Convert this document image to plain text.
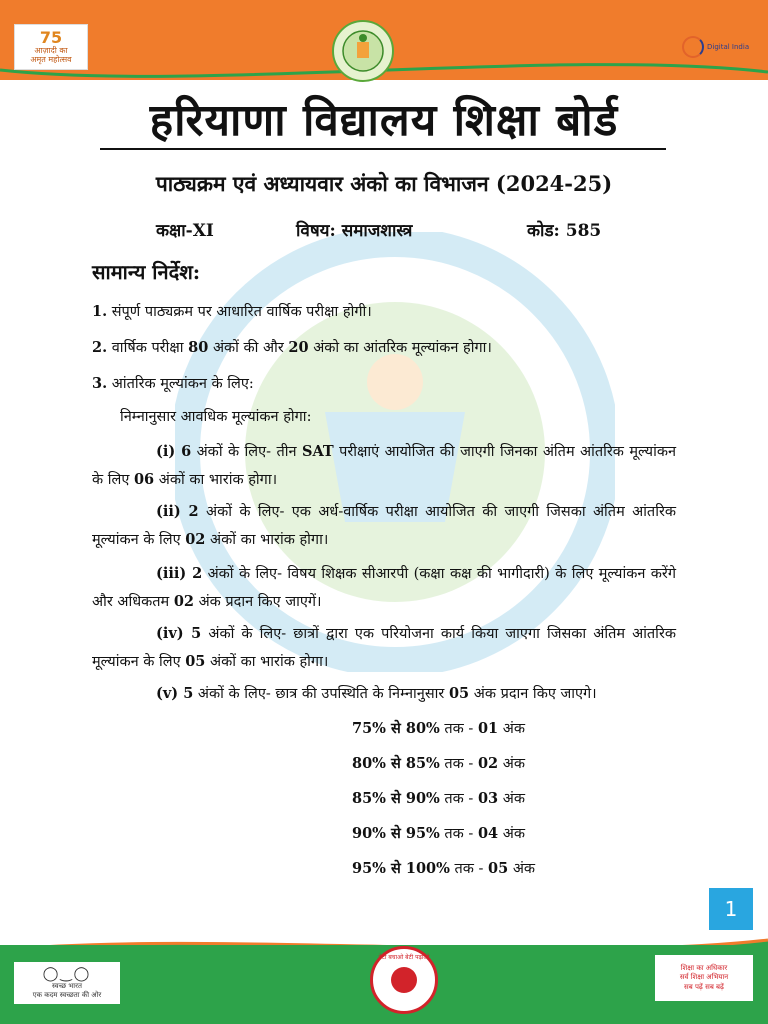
75
आज़ादी का
अमृत महोत्सव
Digital India
हरियाणा विद्यालय शिक्षा बोर्ड
पाठ्यक्रम एवं अध्यायवार अंको का विभाजन (2024-25)
कक्षा-XI	विषय: समाजशास्त्र	कोड: 585
सामान्य निर्देश:

1. संपूर्ण पाठ्यक्रम पर आधारित वार्षिक परीक्षा होगी।

2. वार्षिक परीक्षा 80 अंकों की और 20 अंको का आंतरिक मूल्यांकन होगा।

3. आंतरिक मूल्यांकन के लिए:

निम्नानुसार आवधिक मूल्यांकन होगा:

(i) 6 अंकों के लिए- तीन SAT परीक्षाएं आयोजित की जाएगी जिनका अंतिम आंतरिक मूल्यांकन के लिए 06 अंकों का भारांक होगा।

(ii) 2 अंकों के लिए- एक अर्ध-वार्षिक परीक्षा आयोजित की जाएगी जिसका अंतिम आंतरिक मूल्यांकन के लिए 02 अंकों का भारांक होगा।

(iii) 2 अंकों के लिए- विषय शिक्षक सीआरपी (कक्षा कक्ष की भागीदारी) के लिए मूल्यांकन करेंगे और अधिकतम 02 अंक प्रदान किए जाएगें।

(iv) 5 अंकों के लिए- छात्रों द्वारा एक परियोजना कार्य किया जाएगा जिसका अंतिम आंतरिक मूल्यांकन के लिए 05 अंकों का भारांक होगा।

(v) 5 अंकों के लिए- छात्र की उपस्थिति के निम्नानुसार 05 अंक प्रदान किए जाएगे।

75% से 80% तक - 01 अंक
80% से 85% तक - 02 अंक
85% से 90% तक - 03 अंक
90% से 95% तक - 04 अंक
95% से 100% तक - 05 अंक
1
◯‿◯
स्वच्छ भारत
एक कदम स्वच्छता की ओर
बेटी बचाओ बेटी पढ़ाओ
शिक्षा का अधिकार
सर्व शिक्षा अभियान
सब पढ़ें सब बढ़ें
